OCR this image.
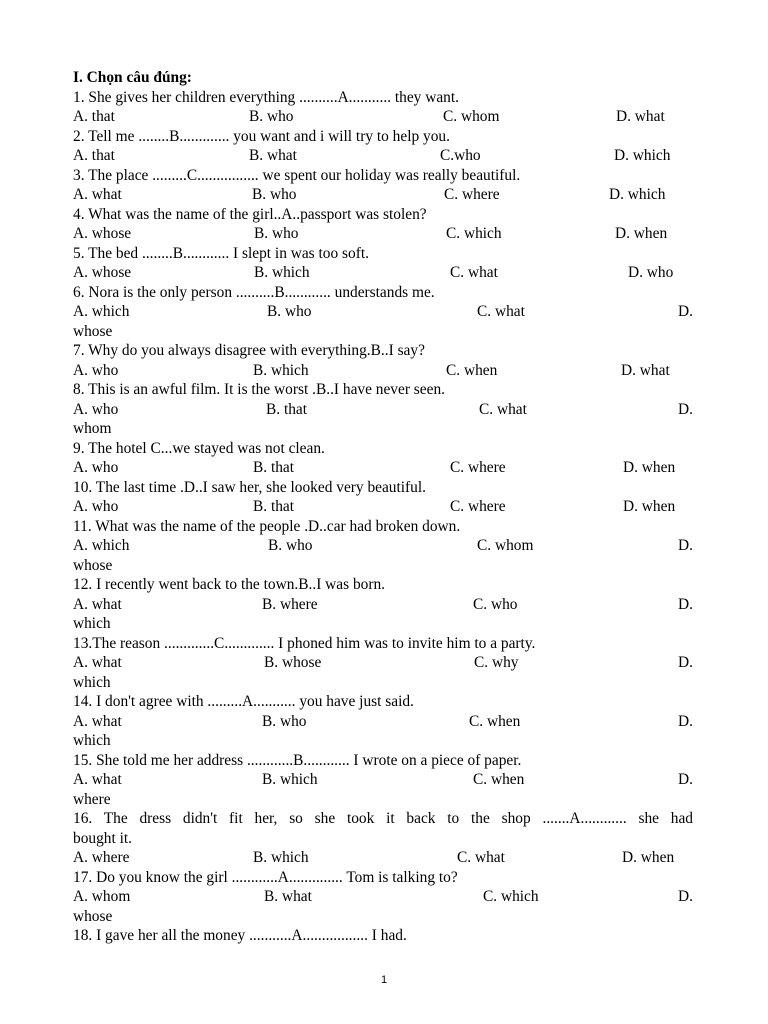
I. Chọn câu đúng:
1. She gives her children everything ..........A........... they want.
A. that	B. who	C. whom	D. what
2. Tell me ........B............. you want and i will try to help you.
A. that	B. what	C.who	D. which
3. The place .........C................ we spent our holiday was really beautiful.
A. what	B. who	C. where	D. which
4. What was the name of the girl..A..passport was stolen?
A. whose	B. who	C. which	D. when
5. The bed ........B............ I slept in was too soft.
A. whose	B. which	C. what	D. who
6. Nora is the only person ..........B............ understands me.
A. which	B. who	C. what	D.
whose
7. Why do you always disagree with everything.B..I say?
A. who	B. which	C. when	D. what
8. This is an awful film. It is the worst .B..I have never seen.
A. who	B. that	C. what	D.
whom
9. The hotel C...we stayed was not clean.
A. who	B. that	C. where	D. when
10. The last time .D..I saw her, she looked very beautiful.
A. who	B. that	C. where	D. when
11. What was the name of the people .D..car had broken down.
A. which	B. who	C. whom	D.
whose
12. I recently went back to the town.B..I was born.
A. what	B. where	C. who	D.
which
13.The reason .............C............. I phoned him was to invite him to a party.
A. what	B. whose	C. why	D.
which
14. I don't agree with .........A........... you have just said.
A. what	B. who	C. when	D.
which
15. She told me her address ............B............ I wrote on a piece of paper.
A. what	B. which	C. when	D.
where
16. The dress didn't fit her, so she took it back to the shop .......A............ she had
bought it.
A. where	B. which	C. what	D. when
17. Do you know the girl ............A.............. Tom is talking to?
A. whom	B. what	C. which	D.
whose
18. I gave her all the money ...........A................. I had.
1
